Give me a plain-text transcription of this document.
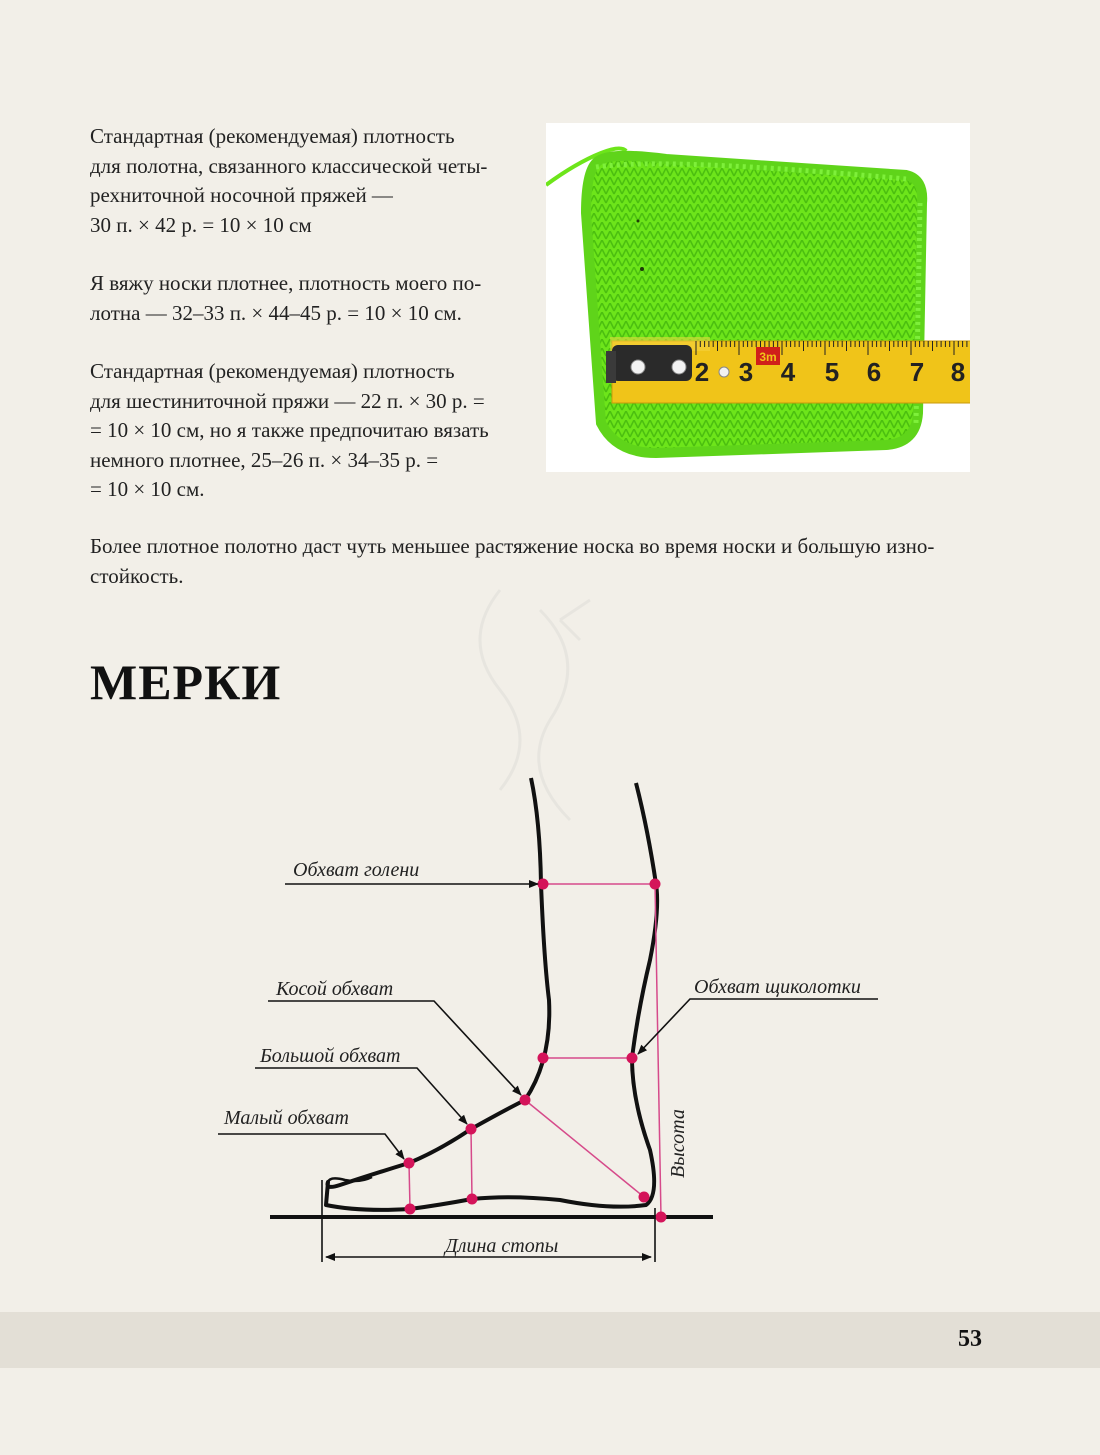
Стандартная (рекомендуемая) плотность
для полотна, связанного классической четы-
рехниточной носочной пряжей —
30 п. × 42 р. = 10 × 10 см
Я вяжу носки плотнее, плотность моего по-
лотна — 32–33 п. × 44–45 р. = 10 × 10 см.
Стандартная (рекомендуемая) плотность
для шестиниточной пряжи — 22 п. × 30 р. =
= 10 × 10 см, но я также предпочитаю вязать
немного плотнее, 25–26 п. × 34–35 р. =
= 10 × 10 см.
Более плотное полотно даст чуть меньшее растяжение носка во время носки и большую изно-
стойкость.
3m
2 3 4 5 6 7 8
МЕРКИ
Обхват голени
Косой обхват
Большой обхват
Малый обхват
Обхват щиколотки
Длина стопы
Высота
53
